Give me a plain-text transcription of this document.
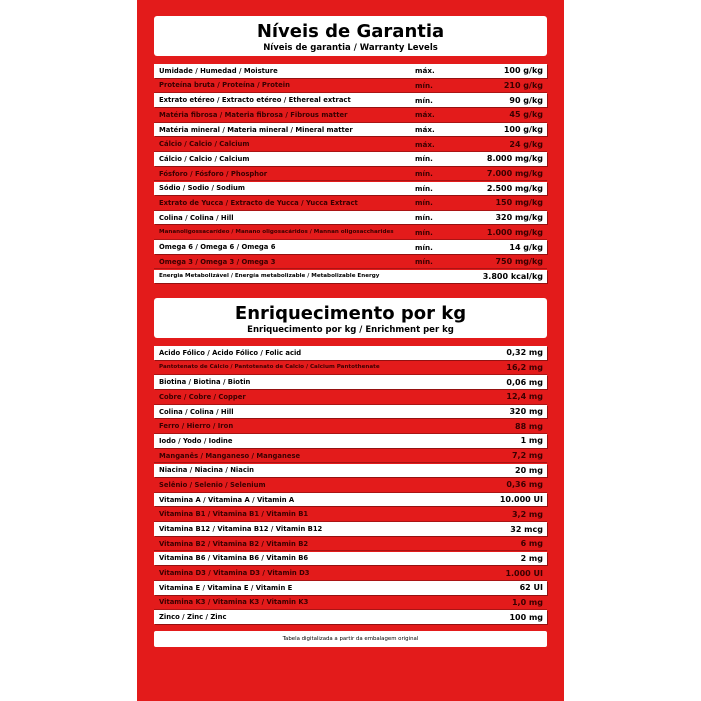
Níveis de Garantia
Níveis de garantia / Warranty Levels
Umidade / Humedad / Moisture	máx.	100 g/kg
Proteína bruta / Proteína / Protein	mín.	210 g/kg
Extrato etéreo / Extracto etéreo / Ethereal extract	mín.	90 g/kg
Matéria fibrosa / Materia fibrosa / Fibrous matter	máx.	45 g/kg
Matéria mineral / Materia mineral / Mineral matter	máx.	100 g/kg
Cálcio / Calcio / Calcium	máx.	24 g/kg
Cálcio / Calcio / Calcium	mín.	8.000 mg/kg
Fósforo / Fósforo / Phosphor	mín.	7.000 mg/kg
Sódio / Sodio / Sodium	mín.	2.500 mg/kg
Extrato de Yucca / Extracto de Yucca / Yucca Extract	mín.	150 mg/kg
Colina / Colina / Hill	mín.	320 mg/kg
Mananoligossacarídeo / Manano oligosacáridos / Mannan oligosaccharides	mín.	1.000 mg/kg
Ômega 6 / Omega 6 / Omega 6	mín.	14 g/kg
Ômega 3 / Omega 3 / Omega 3	mín.	750 mg/kg
Energia Metabolizável / Energía metabolizable / Metabolizable Energy	3.800 kcal/kg
Enriquecimento por kg
Enriquecimento por kg / Enrichment per kg
Ácido Fólico / Ácido Fólico / Folic acid	0,32 mg
Pantotenato de Cálcio / Pantotenato de Calcio / Calcium Pantothenate	16,2 mg
Biotina / Biotina / Biotin	0,06 mg
Cobre / Cobre / Copper	12,4 mg
Colina / Colina / Hill	320 mg
Ferro / Hierro / Iron	88 mg
Iodo / Yodo / Iodine	1 mg
Manganês / Manganeso / Manganese	7,2 mg
Niacina / Niacina / Niacin	20 mg
Selênio / Selenio / Selenium	0,36 mg
Vitamina A / Vitamina A / Vitamin A	10.000 UI
Vitamina B1 / Vitamina B1 / Vitamin B1	3,2 mg
Vitamina B12 / Vitamina B12 / Vitamin B12	32 mcg
Vitamina B2 / Vitamina B2 / Vitamin B2	6 mg
Vitamina B6 / Vitamina B6 / Vitamin B6	2 mg
Vitamina D3 / Vitamina D3 / Vitamin D3	1.000 UI
Vitamina E / Vitamina E / Vitamin E	62 UI
Vitamina K3 / Vitamina K3 / Vitamin K3	1,0 mg
Zinco / Zinc / Zinc	100 mg
Tabela digitalizada a partir da embalagem original
